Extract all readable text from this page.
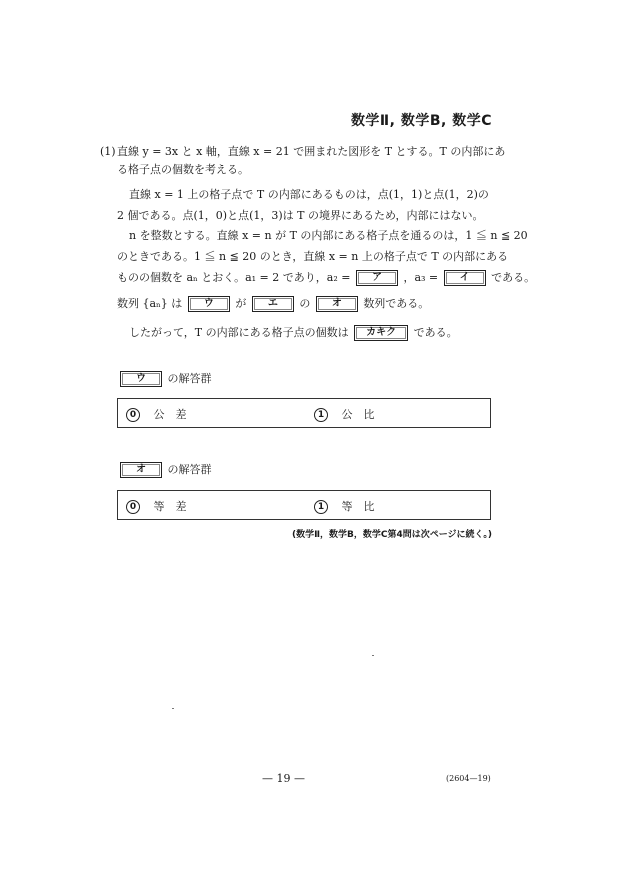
数学Ⅱ, 数学B, 数学C
(1) 直線 y = 3x と x 軸，直線 x = 21 で囲まれた図形を T とする。T の内部にあ
る格子点の個数を考える。
直線 x = 1 上の格子点で T の内部にあるものは，点(1，1)と点(1，2)の
2 個である。点(1，0)と点(1，3)は T の境界にあるため，内部にはない。
n を整数とする。直線 x = n が T の内部にある格子点を通るのは，1 ≦ n ≦ 20
のときである。1 ≦ n ≦ 20 のとき，直線 x = n 上の格子点で T の内部にある
ものの個数を aₙ とおく。a₁ = 2 であり，a₂ = ア ，a₃ = イ である。
数列 {aₙ} は ウ が エ の オ 数列である。
したがって，T の内部にある格子点の個数は カキク である。
ウ の解答群
0 公　差	1 公　比
オ の解答群
0 等　差	1 等　比
(数学Ⅱ，数学B，数学C第4問は次ページに続く。)
— 19 —	(2604—19)
